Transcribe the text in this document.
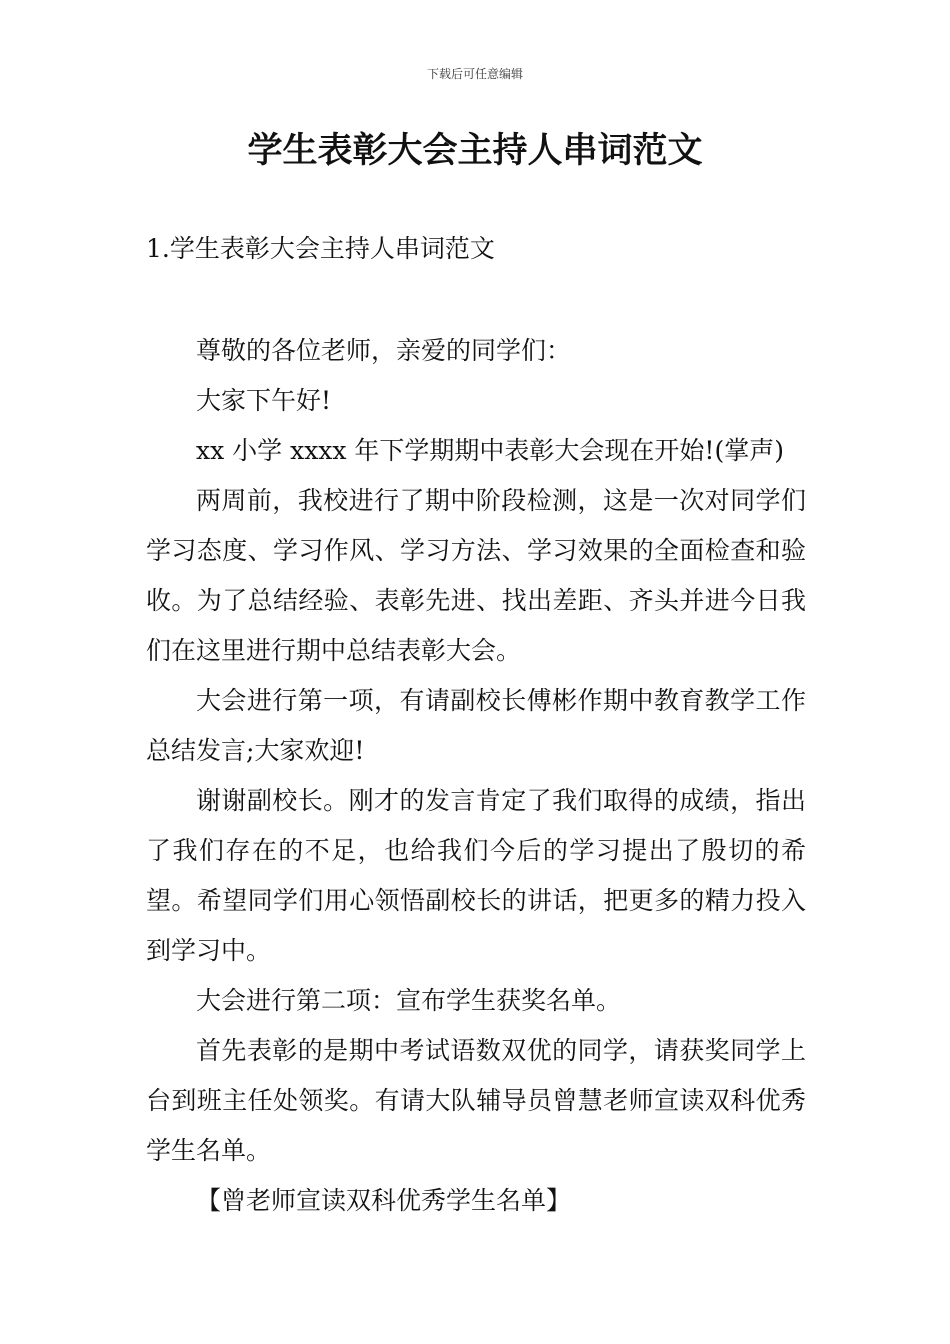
下载后可任意编辑
学生表彰大会主持人串词范文
1.学生表彰大会主持人串词范文

尊敬的各位老师，亲爱的同学们：

大家下午好!

xx 小学 xxxx 年下学期期中表彰大会现在开始!(掌声)

两周前，我校进行了期中阶段检测，这是一次对同学们学习态度、学习作风、学习方法、学习效果的全面检查和验收。为了总结经验、表彰先进、找出差距、齐头并进今日我们在这里进行期中总结表彰大会。

大会进行第一项，有请副校长傅彬作期中教育教学工作总结发言;大家欢迎!

谢谢副校长。刚才的发言肯定了我们取得的成绩，指出了我们存在的不足，也给我们今后的学习提出了殷切的希望。希望同学们用心领悟副校长的讲话，把更多的精力投入到学习中。

大会进行第二项：宣布学生获奖名单。

首先表彰的是期中考试语数双优的同学，请获奖同学上台到班主任处领奖。有请大队辅导员曾慧老师宣读双科优秀学生名单。

【曾老师宣读双科优秀学生名单】
